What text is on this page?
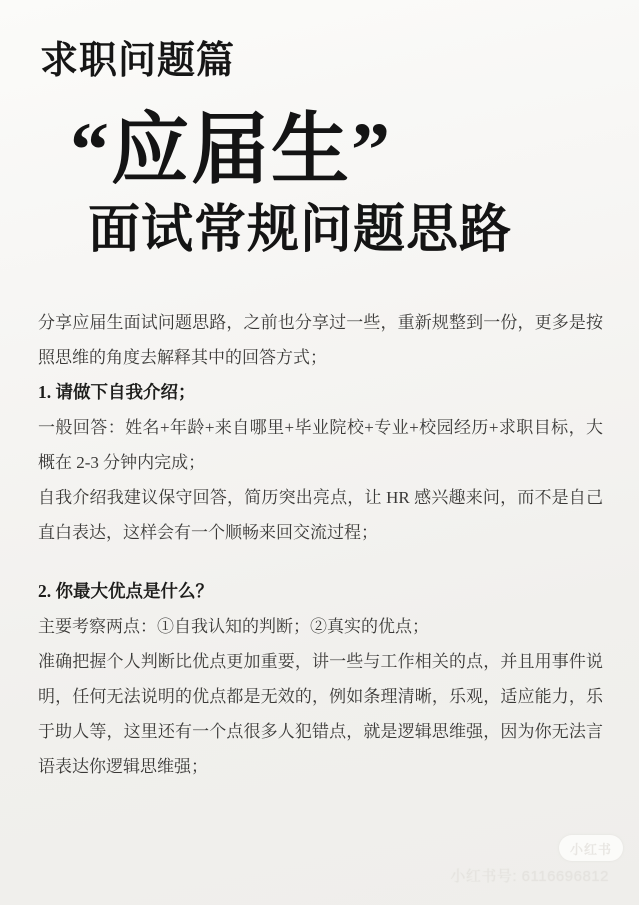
求职问题篇
“应届生”
面试常规问题思路

分享应届生面试问题思路，之前也分享过一些，重新规整到一份，更多是按照思维的角度去解释其中的回答方式；

1. 请做下自我介绍；

一般回答：姓名+年龄+来自哪里+毕业院校+专业+校园经历+求职目标，大概在 2-3 分钟内完成；

自我介绍我建议保守回答，简历突出亮点，让 HR 感兴趣来问，而不是自己直白表达，这样会有一个顺畅来回交流过程；

2. 你最大优点是什么？

主要考察两点：①自我认知的判断；②真实的优点；

准确把握个人判断比优点更加重要，讲一些与工作相关的点，并且用事件说明，任何无法说明的优点都是无效的，例如条理清晰，乐观，适应能力，乐于助人等，这里还有一个点很多人犯错点，就是逻辑思维强，因为你无法言语表达你逻辑思维强；

小红书
小红书号: 6116696812
